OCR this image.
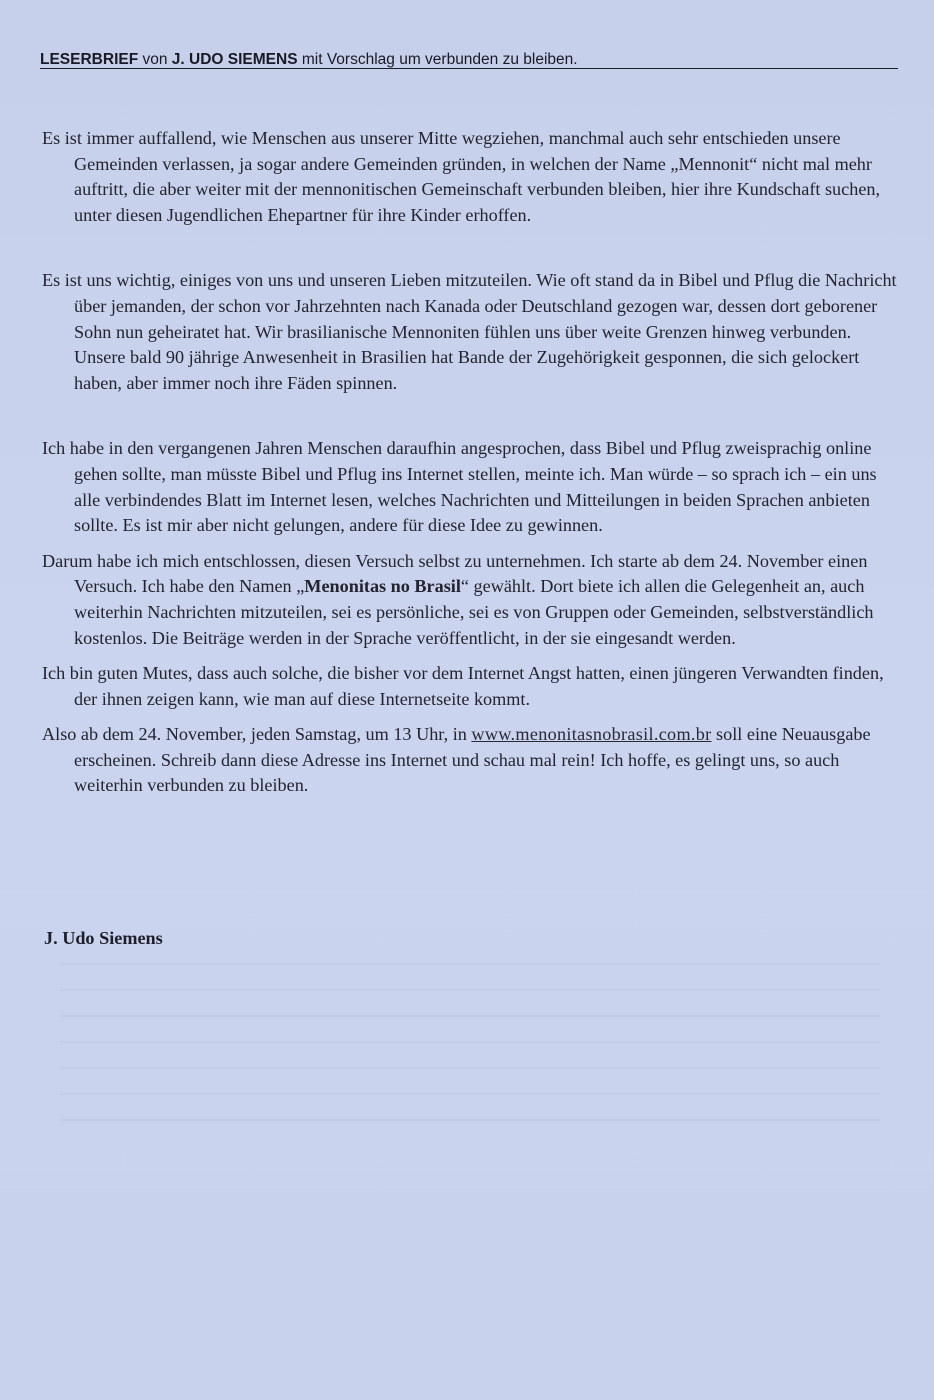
LESERBRIEF von J. UDO SIEMENS mit Vorschlag um verbunden zu bleiben.

Es ist immer auffallend, wie Menschen aus unserer Mitte wegziehen, manchmal auch sehr entschieden unsere Gemeinden verlassen, ja sogar andere Gemeinden gründen, in welchen der Name „Mennonit“ nicht mal mehr auftritt, die aber weiter mit der mennonitischen Gemeinschaft verbunden bleiben, hier ihre Kundschaft suchen, unter diesen Jugendlichen Ehepartner für ihre Kinder erhoffen.

Es ist uns wichtig, einiges von uns und unseren Lieben mitzuteilen. Wie oft stand da in Bibel und Pflug die Nachricht über jemanden, der schon vor Jahrzehnten nach Kanada oder Deutschland gezogen war, dessen dort geborener Sohn nun geheiratet hat. Wir brasilianische Mennoniten fühlen uns über weite Grenzen hinweg verbunden. Unsere bald 90 jährige Anwesenheit in Brasilien hat Bande der Zugehörigkeit gesponnen, die sich gelockert haben, aber immer noch ihre Fäden spinnen.

Ich habe in den vergangenen Jahren Menschen daraufhin angesprochen, dass Bibel und Pflug zweisprachig online gehen sollte, man müsste Bibel und Pflug ins Internet stellen, meinte ich. Man würde – so sprach ich – ein uns alle verbindendes Blatt im Internet lesen, welches Nachrichten und Mitteilungen in beiden Sprachen anbieten sollte. Es ist mir aber nicht gelungen, andere für diese Idee zu gewinnen.

Darum habe ich mich entschlossen, diesen Versuch selbst zu unternehmen. Ich starte ab dem 24. November einen Versuch. Ich habe den Namen „Menonitas no Brasil“ gewählt. Dort biete ich allen die Gelegenheit an, auch weiterhin Nachrichten mitzuteilen, sei es persönliche, sei es von Gruppen oder Gemeinden, selbstverständlich kostenlos. Die Beiträge werden in der Sprache veröffentlicht, in der sie eingesandt werden.

Ich bin guten Mutes, dass auch solche, die bisher vor dem Internet Angst hatten, einen jüngeren Verwandten finden, der ihnen zeigen kann, wie man auf diese Internetseite kommt.

Also ab dem 24. November, jeden Samstag, um 13 Uhr, in www.menonitasnobrasil.com.br soll eine Neuausgabe erscheinen. Schreib dann diese Adresse ins Internet und schau mal rein! Ich hoffe, es gelingt uns, so auch weiterhin verbunden zu bleiben.

J. Udo Siemens
